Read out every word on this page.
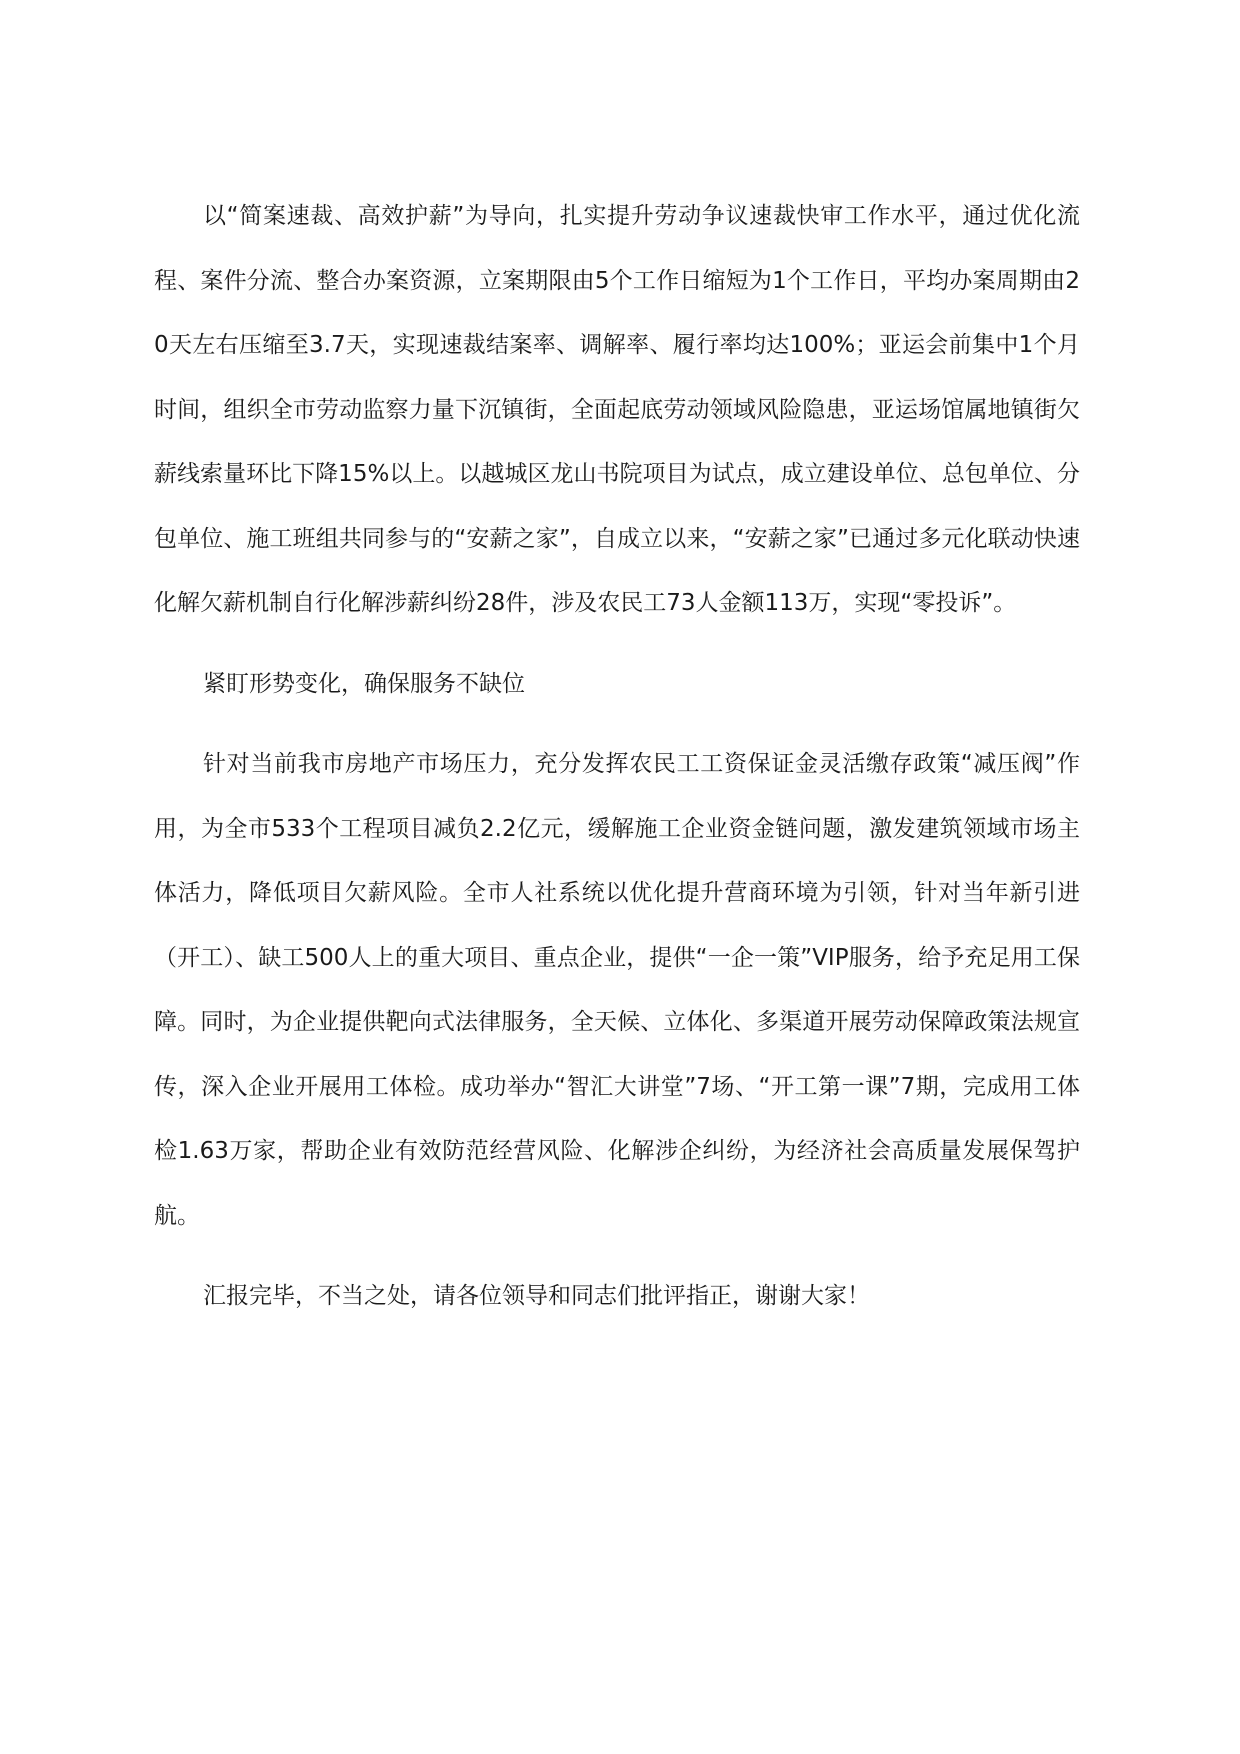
以“简案速裁、高效护薪”为导向，扎实提升劳动争议速裁快审工作水平，通过优化流程、案件分流、整合办案资源，立案期限由5个工作日缩短为1个工作日，平均办案周期由20天左右压缩至3.7天，实现速裁结案率、调解率、履行率均达100%；亚运会前集中1个月时间，组织全市劳动监察力量下沉镇街，全面起底劳动领域风险隐患，亚运场馆属地镇街欠薪线索量环比下降15%以上。以越城区龙山书院项目为试点，成立建设单位、总包单位、分包单位、施工班组共同参与的“安薪之家”，自成立以来，“安薪之家”已通过多元化联动快速化解欠薪机制自行化解涉薪纠纷28件，涉及农民工73人金额113万，实现“零投诉”。

紧盯形势变化，确保服务不缺位

针对当前我市房地产市场压力，充分发挥农民工工资保证金灵活缴存政策“减压阀”作用，为全市533个工程项目减负2.2亿元，缓解施工企业资金链问题，激发建筑领域市场主体活力，降低项目欠薪风险。全市人社系统以优化提升营商环境为引领，针对当年新引进（开工）、缺工500人上的重大项目、重点企业，提供“一企一策”VIP服务，给予充足用工保障。同时，为企业提供靶向式法律服务，全天候、立体化、多渠道开展劳动保障政策法规宣传，深入企业开展用工体检。成功举办“智汇大讲堂”7场、“开工第一课”7期，完成用工体检1.63万家，帮助企业有效防范经营风险、化解涉企纠纷，为经济社会高质量发展保驾护航。

汇报完毕，不当之处，请各位领导和同志们批评指正，谢谢大家！
